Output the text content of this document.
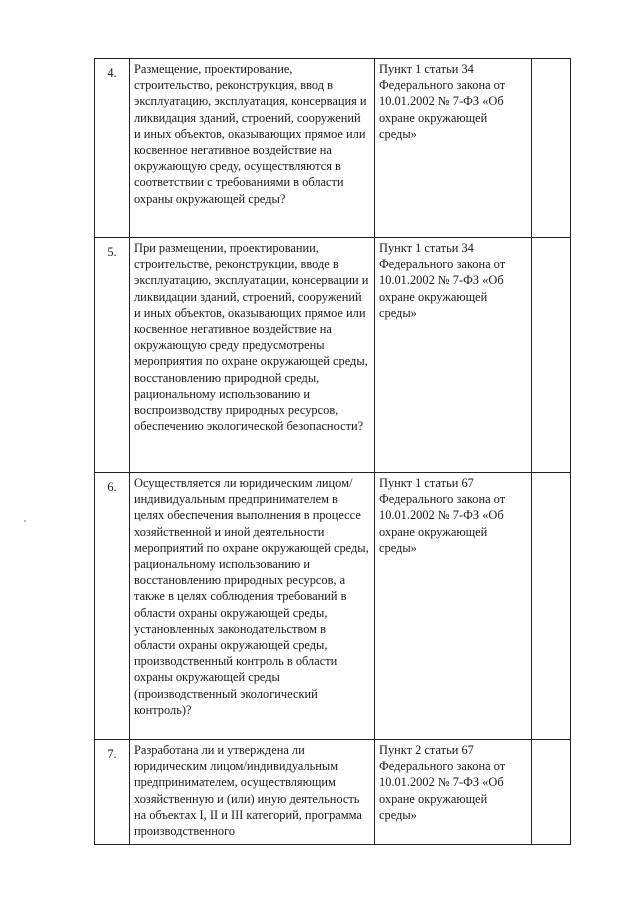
4.	Размещение, проектирование, строительство, реконструкция, ввод в эксплуатацию, эксплуатация, консервация и ликвидация зданий, строений, сооружений и иных объектов, оказывающих прямое или косвенное негативное воздействие на окружающую среду, осуществляются в соответствии с требованиями в области охраны окружающей среды?	Пункт 1 статьи 34 Федерального закона от 10.01.2002 № 7-ФЗ «Об охране окружающей среды»	
5.	При размещении, проектировании, строительстве, реконструкции, вводе в эксплуатацию, эксплуатации, консервации и ликвидации зданий, строений, сооружений и иных объектов, оказывающих прямое или косвенное негативное воздействие на окружающую среду предусмотрены мероприятия по охране окружающей среды, восстановлению природной среды, рациональному использованию и воспроизводству природных ресурсов, обеспечению экологической безопасности?	Пункт 1 статьи 34 Федерального закона от 10.01.2002 № 7-ФЗ «Об охране окружающей среды»	
6.	Осуществляется ли юридическим лицом/индивидуальным предпринимателем в целях обеспечения выполнения в процессе хозяйственной и иной деятельности мероприятий по охране окружающей среды, рациональному использованию и восстановлению природных ресурсов, а также в целях соблюдения требований в области охраны окружающей среды, установленных законодательством в области охраны окружающей среды, производственный контроль в области охраны окружающей среды (производственный экологический контроль)?	Пункт 1 статьи 67 Федерального закона от 10.01.2002 № 7-ФЗ «Об охране окружающей среды»	
7.	Разработана ли и утверждена ли юридическим лицом/индивидуальным предпринимателем, осуществляющим хозяйственную и (или) иную деятельность на объектах I, II и III категорий, программа производственного	Пункт 2 статьи 67 Федерального закона от 10.01.2002 № 7-ФЗ «Об охране окружающей среды»	
